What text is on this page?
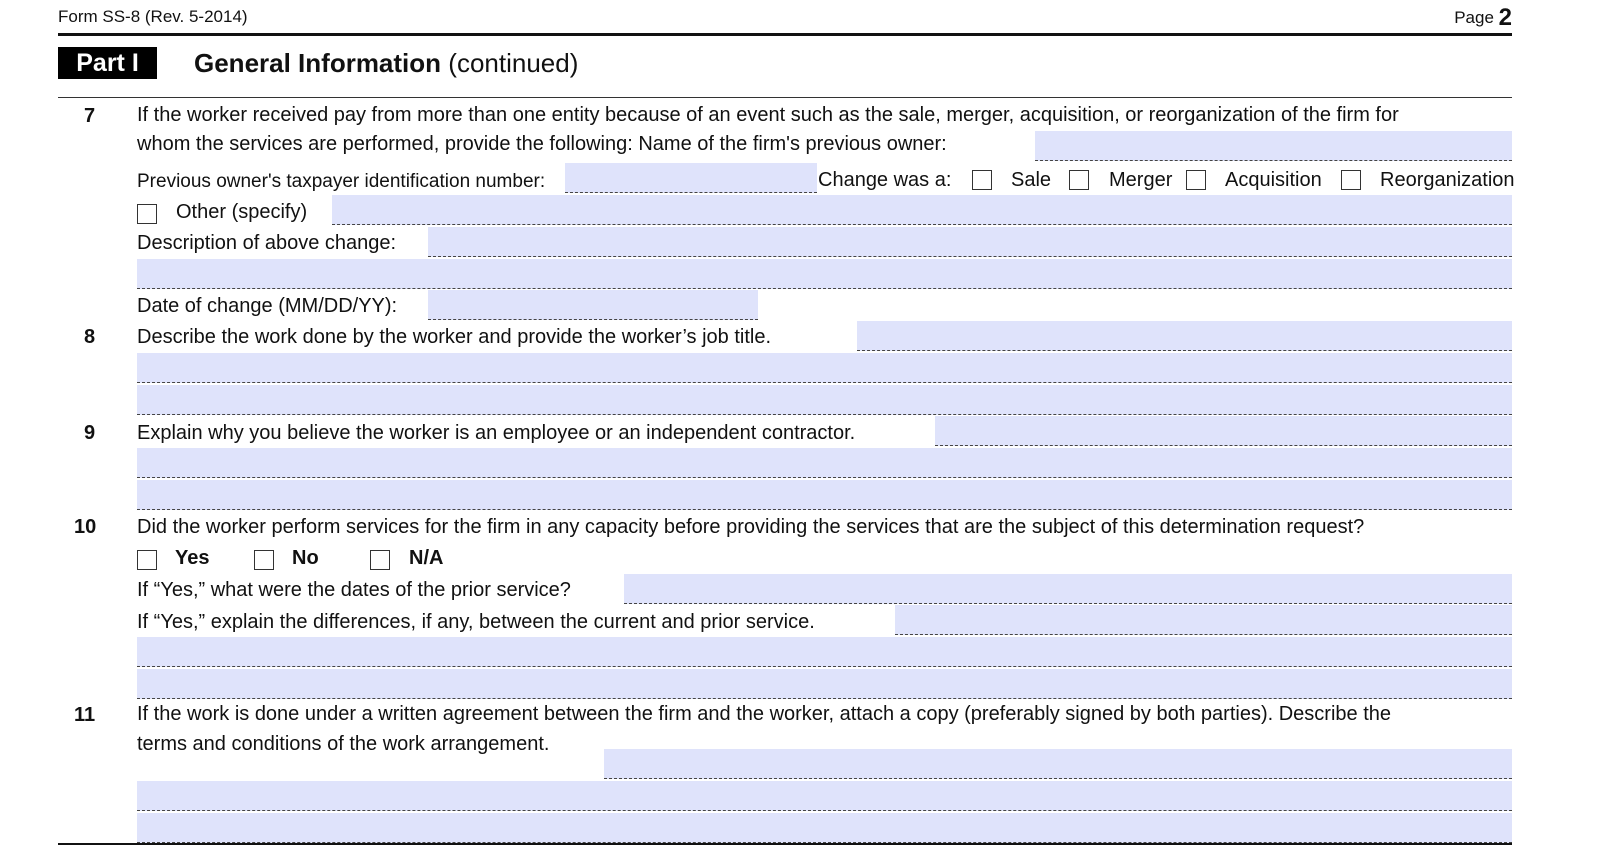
Form SS-8 (Rev. 5-2014)	Page 2
Part I	General Information (continued)
7 If the worker received pay from more than one entity because of an event such as the sale, merger, acquisition, or reorganization of the firm for
whom the services are performed, provide the following: Name of the firm's previous owner:
Previous owner's taxpayer identification number:	Change was a:	Sale	Merger	Acquisition	Reorganization
Other (specify)
Description of above change:
Date of change (MM/DD/YY):
8 Describe the work done by the worker and provide the worker’s job title.
9 Explain why you believe the worker is an employee or an independent contractor.
10 Did the worker perform services for the firm in any capacity before providing the services that are the subject of this determination request?
Yes	No	N/A
If “Yes,” what were the dates of the prior service?
If “Yes,” explain the differences, if any, between the current and prior service.
11 If the work is done under a written agreement between the firm and the worker, attach a copy (preferably signed by both parties). Describe the
terms and conditions of the work arrangement.
